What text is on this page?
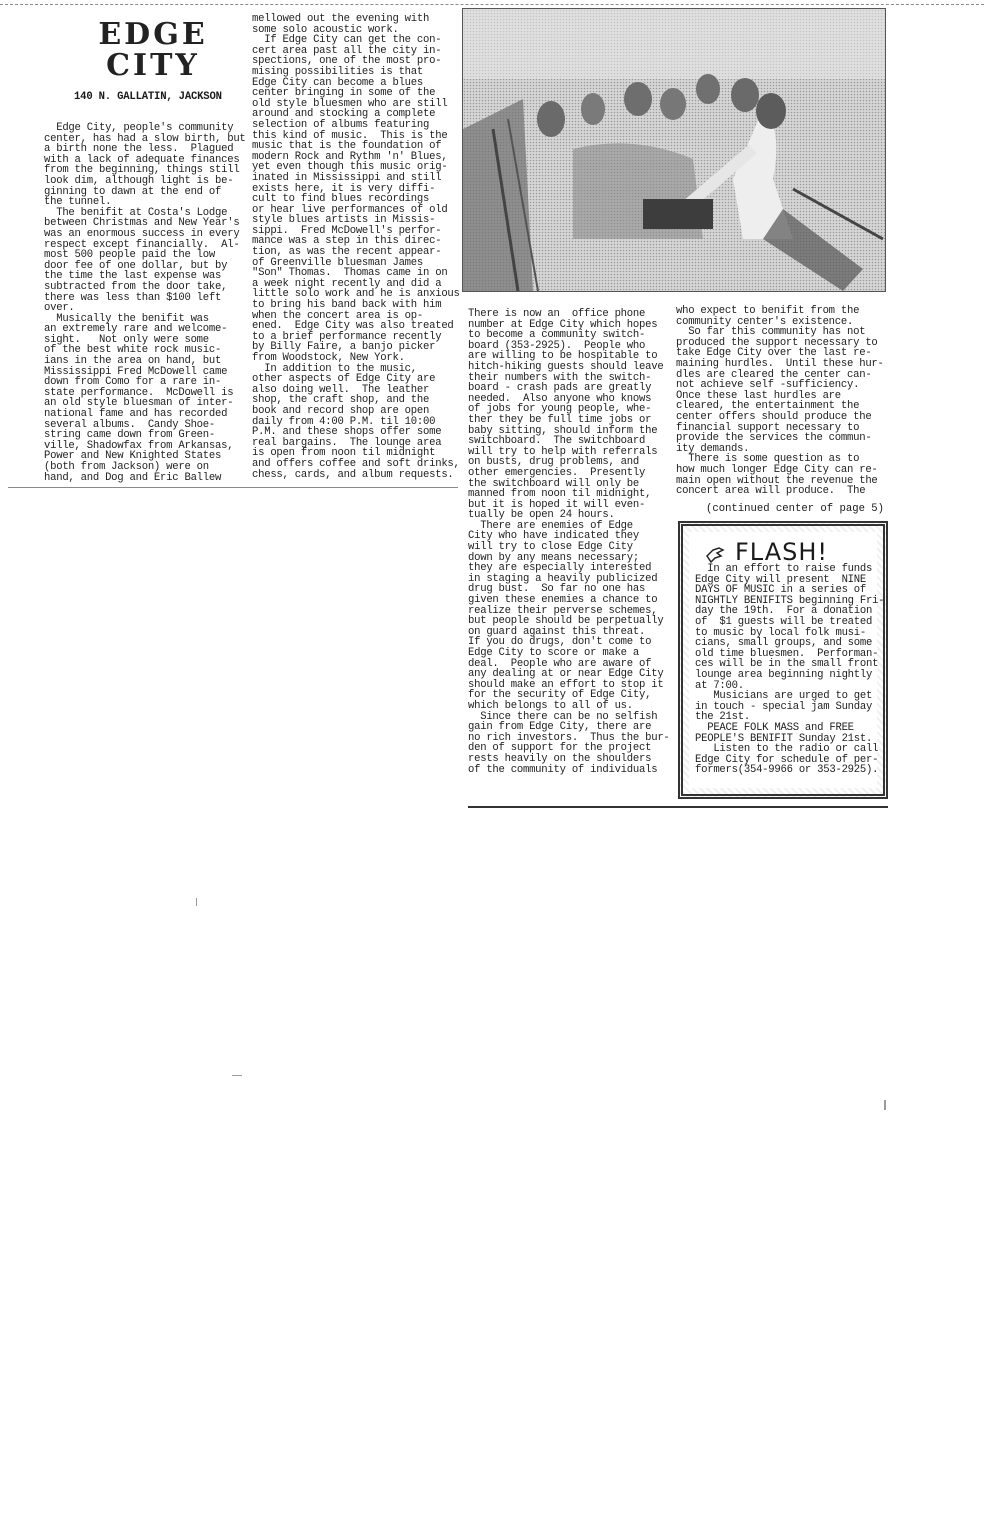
EDGE
CITY
140 N. GALLATIN, JACKSON

Edge City, people's community

center, has had a slow birth, but

a birth none the less.  Plagued

with a lack of adequate finances

from the beginning, things still

look dim, although light is be-

ginning to dawn at the end of

the tunnel.

The benifit at Costa's Lodge

between Christmas and New Year's

was an enormous success in every

respect except financially.  Al-

most 500 people paid the low

door fee of one dollar, but by

the time the last expense was

subtracted from the door take,

there was less than $100 left

over.

Musically the benifit was

an extremely rare and welcome-

sight.   Not only were some

of the best white rock music-

ians in the area on hand, but

Mississippi Fred McDowell came

down from Como for a rare in-

state performance.  McDowell is

an old style bluesman of inter-

national fame and has recorded

several albums.  Candy Shoe-

string came down from Green-

ville, Shadowfax from Arkansas,

Power and New Knighted States

(both from Jackson) were on

hand, and Dog and Eric Ballew

mellowed out the evening with

some solo acoustic work.

If Edge City can get the con-

cert area past all the city in-

spections, one of the most pro-

mising possibilities is that

Edge City can become a blues

center bringing in some of the

old style bluesmen who are still

around and stocking a complete

selection of albums featuring

this kind of music.  This is the

music that is the foundation of

modern Rock and Rythm 'n' Blues,

yet even though this music orig-

inated in Mississippi and still

exists here, it is very diffi-

cult to find blues recordings

or hear live performances of old

style blues artists in Missis-

sippi.  Fred McDowell's perfor-

mance was a step in this direc-

tion, as was the recent appear-

of Greenville bluesman James

"Son" Thomas.  Thomas came in on

a week night recently and did a

little solo work and he is anxious

to bring his band back with him

when the concert area is op-

ened.  Edge City was also treated

to a brief performance recently

by Billy Faire, a banjo picker

from Woodstock, New York.

In addition to the music,

other aspects of Edge City are

also doing well.  The leather

shop, the craft shop, and the

book and record shop are open

daily from 4:00 P.M. til 10:00

P.M. and these shops offer some

real bargains.  The lounge area

is open from noon til midnight

and offers coffee and soft drinks,

chess, cards, and album requests.

There is now an  office phone

number at Edge City which hopes

to become a community switch-

board (353-2925).  People who

are willing to be hospitable to

hitch-hiking guests should leave

their numbers with the switch-

board - crash pads are greatly

needed.  Also anyone who knows

of jobs for young people, whe-

ther they be full time jobs or

baby sitting, should inform the

switchboard.  The switchboard

will try to help with referrals

on busts, drug problems, and

other emergencies.  Presently

the switchboard will only be

manned from noon til midnight,

but it is hoped it will even-

tually be open 24 hours.

There are enemies of Edge

City who have indicated they

will try to close Edge City

down by any means necessary;

they are especially interested

in staging a heavily publicized

drug bust.  So far no one has

given these enemies a chance to

realize their perverse schemes,

but people should be perpetually

on guard against this threat.

If you do drugs, don't come to

Edge City to score or make a

deal.  People who are aware of

any dealing at or near Edge City

should make an effort to stop it

for the security of Edge City,

which belongs to all of us.

Since there can be no selfish

gain from Edge City, there are

no rich investors.  Thus the bur-

den of support for the project

rests heavily on the shoulders

of the community of individuals

who expect to benifit from the

community center's existence.

So far this community has not

produced the support necessary to

take Edge City over the last re-

maining hurdles.  Until these hur-

dles are cleared the center can-

not achieve self -sufficiency.

Once these last hurdles are

cleared, the entertainment the

center offers should produce the

financial support necessary to

provide the services the commun-

ity demands.

There is some question as to

how much longer Edge City can re-

main open without the revenue the

concert area will produce.  The

(continued center of page 5)
FLASH!

In an effort to raise funds

Edge City will present  NINE

DAYS OF MUSIC in a series of

NIGHTLY BENIFITS beginning Fri-

day the 19th.  For a donation

of  $1 guests will be treated

to music by local folk musi-

cians, small groups, and some

old time bluesmen.  Performan-

ces will be in the small front

lounge area beginning nightly

at 7:00.

Musicians are urged to get

in touch - special jam Sunday

the 21st.

PEACE FOLK MASS and FREE

PEOPLE'S BENIFIT Sunday 21st.

Listen to the radio or call

Edge City for schedule of per-

formers(354-9966 or 353-2925).
